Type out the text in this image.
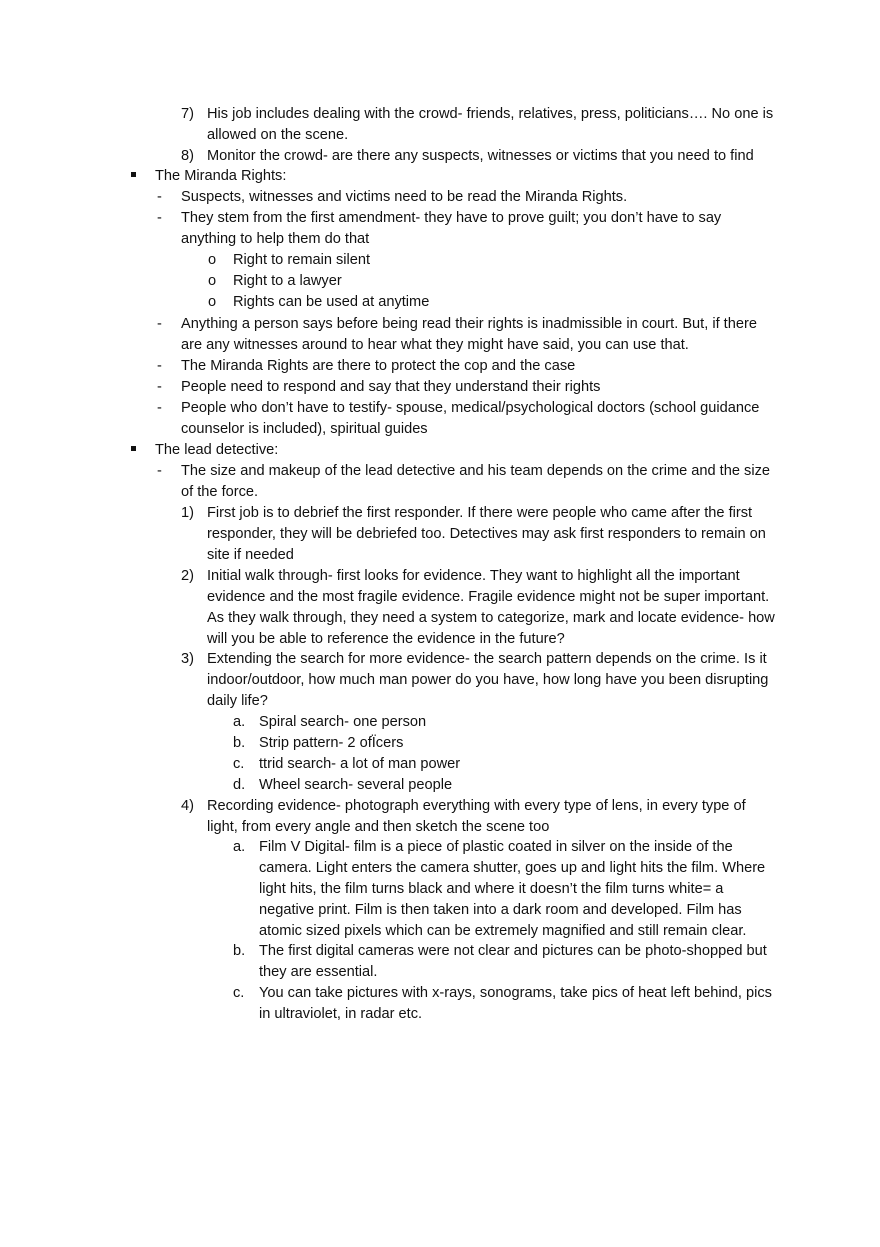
7) His job includes dealing with the crowd- friends, relatives, press, politicians…. No one is
allowed on the scene.
8) Monitor the crowd- are there any suspects, witnesses or victims that you need to find
The Miranda Rights:
- Suspects, witnesses and victims need to be read the Miranda Rights.
- They stem from the first amendment- they have to prove guilt; you don’t have to say
anything to help them do that
o Right to remain silent
o Right to a lawyer
o Rights can be used at anytime
- Anything a person says before being read their rights is inadmissible in court. But, if there
are any witnesses around to hear what they might have said, you can use that.
- The Miranda Rights are there to protect the cop and the case
- People need to respond and say that they understand their rights
- People who don’t have to testify- spouse, medical/psychological doctors (school guidance
counselor is included), spiritual guides
The lead detective:
- The size and makeup of the lead detective and his team depends on the crime and the size
of the force.
1) First job is to debrief the first responder. If there were people who came after the first
responder, they will be debriefed too. Detectives may ask first responders to remain on
site if needed
2) Initial walk through- first looks for evidence. They want to highlight all the important
evidence and the most fragile evidence. Fragile evidence might not be super important.
As they walk through, they need a system to categorize, mark and locate evidence- how
will you be able to reference the evidence in the future?
3) Extending the search for more evidence- the search pattern depends on the crime. Is it
indoor/outdoor, how much man power do you have, how long have you been disrupting
daily life?
a. Spiral search- one person
b. Strip pattern- 2 ofÏcers
c. ttrid search- a lot of man power
d. Wheel search- several people
4) Recording evidence- photograph everything with every type of lens, in every type of
light, from every angle and then sketch the scene too
a. Film V Digital- film is a piece of plastic coated in silver on the inside of the
camera. Light enters the camera shutter, goes up and light hits the film. Where
light hits, the film turns black and where it doesn’t the film turns white= a
negative print. Film is then taken into a dark room and developed. Film has
atomic sized pixels which can be extremely magnified and still remain clear.
b. The first digital cameras were not clear and pictures can be photo-shopped but
they are essential.
c. You can take pictures with x-rays, sonograms, take pics of heat left behind, pics
in ultraviolet, in radar etc.
